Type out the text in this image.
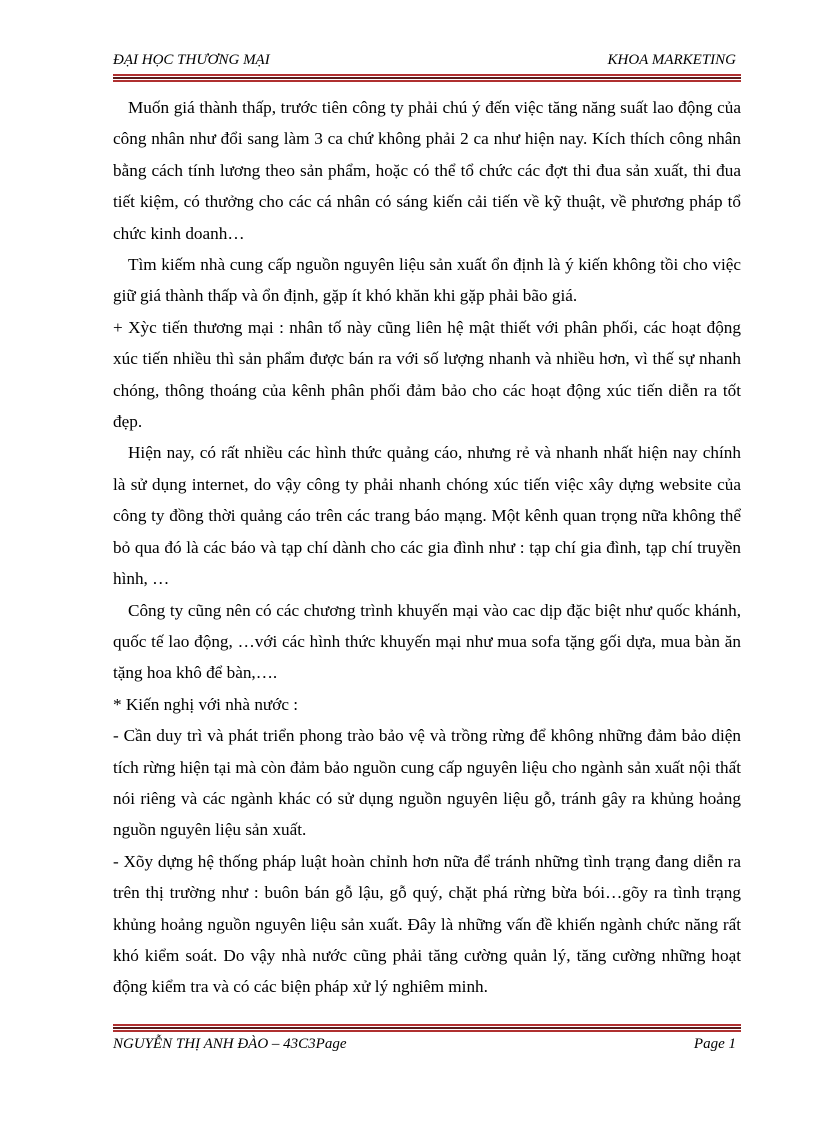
ĐẠI HỌC THƯƠNG MẠI	KHOA MARKETING

Muốn giá thành thấp, trước tiên công ty phải chú ý đến việc tăng năng suất lao động của công nhân như đổi sang làm 3 ca chứ không phải 2 ca như hiện nay. Kích thích công nhân bằng cách tính lương theo sản phẩm, hoặc có thể tổ chức các đợt thi đua sản xuất, thi đua tiết kiệm, có thưởng cho các cá nhân có sáng kiến cải tiến về kỹ thuật, về phương pháp tổ chức kinh doanh…

Tìm kiếm nhà cung cấp nguồn nguyên liệu sản xuất ổn định là ý kiến không tồi cho việc giữ giá thành thấp và ổn định, gặp ít khó khăn khi gặp phải bão giá.

+ Xỳc tiến thương mại : nhân tố này cũng liên hệ mật thiết với phân phối, các hoạt động xúc tiến nhiều thì sản phẩm được bán ra với số lượng nhanh và nhiều hơn, vì thế sự nhanh chóng, thông thoáng của kênh phân phối đảm bảo cho các hoạt động xúc tiến diễn ra tốt đẹp.

Hiện nay, có rất nhiều các hình thức quảng cáo, nhưng rẻ và nhanh nhất hiện nay chính là sử dụng internet, do vậy công ty phải nhanh chóng xúc tiến việc xây dựng website của công ty đồng thời quảng cáo trên các trang báo mạng. Một kênh quan trọng nữa không thể bỏ qua đó là các báo và tạp chí dành cho các gia đình như : tạp chí gia đình, tạp chí truyền hình, …

Công ty cũng nên có các chương trình khuyến mại vào cac dịp đặc biệt như quốc khánh, quốc tế lao động, …với các hình thức khuyến mại như mua sofa tặng gối dựa, mua bàn ăn tặng hoa khô để bàn,….

* Kiến nghị với nhà nước :

- Cần duy trì và phát triển phong trào bảo vệ và trồng rừng để không những đảm bảo diện tích rừng hiện tại mà còn đảm bảo nguồn cung cấp nguyên liệu cho ngành sản xuất nội thất nói riêng và các ngành khác có sử dụng nguồn nguyên liệu gỗ, tránh gây ra khủng hoảng nguồn nguyên liệu sản xuất.

- Xõy dựng hệ thống pháp luật hoàn chỉnh hơn nữa để tránh những tình trạng đang diễn ra trên thị trường như : buôn bán gỗ lậu, gỗ quý, chặt phá rừng bừa bói…gõy ra tình trạng khủng hoảng nguồn nguyên liệu sản xuất. Đây là những vấn đề khiến ngành chức năng rất khó kiểm soát. Do vậy nhà nước cũng phải tăng cường quản lý, tăng cường những hoạt động kiểm tra và có các biện pháp xử lý nghiêm minh.

NGUYỄN THỊ ANH ĐÀO – 43C3Page	Page 1
